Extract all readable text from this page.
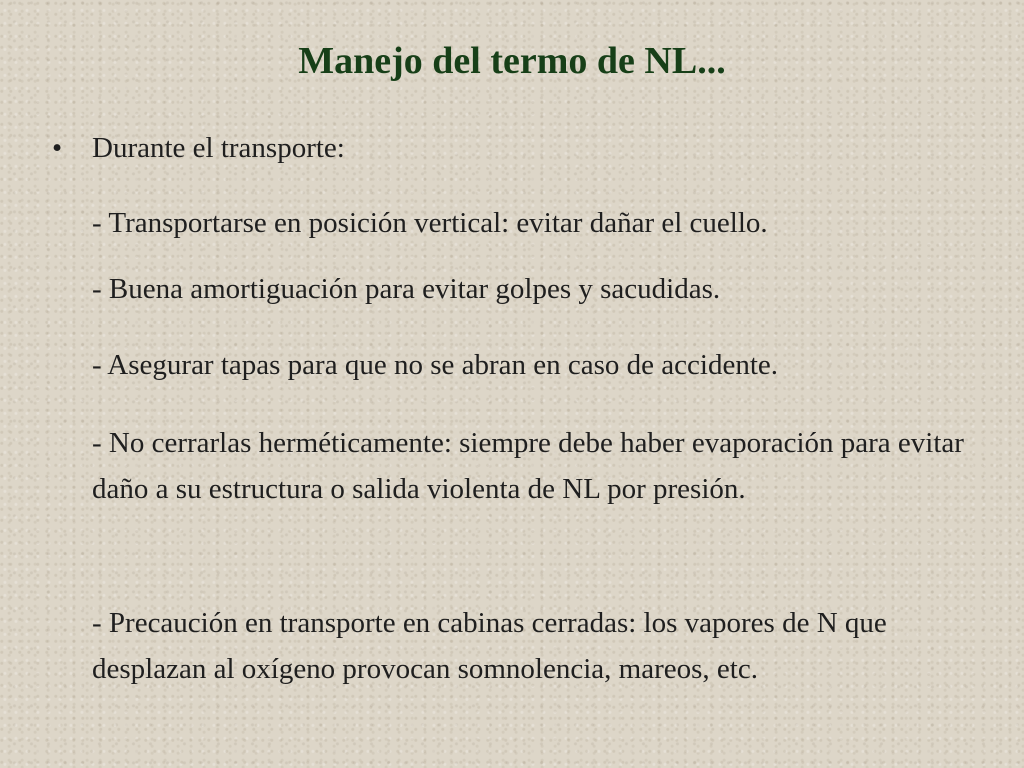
Manejo del termo de NL...
• Durante el transporte:
- Transportarse en posición vertical: evitar dañar el cuello.
- Buena amortiguación para evitar golpes y sacudidas.
- Asegurar tapas para que no se abran en caso de accidente.
- No cerrarlas herméticamente: siempre debe haber evaporación para evitar daño a su estructura o salida violenta de NL por presión.
- Precaución en transporte en cabinas cerradas: los vapores de N que desplazan al oxígeno provocan somnolencia, mareos, etc.
